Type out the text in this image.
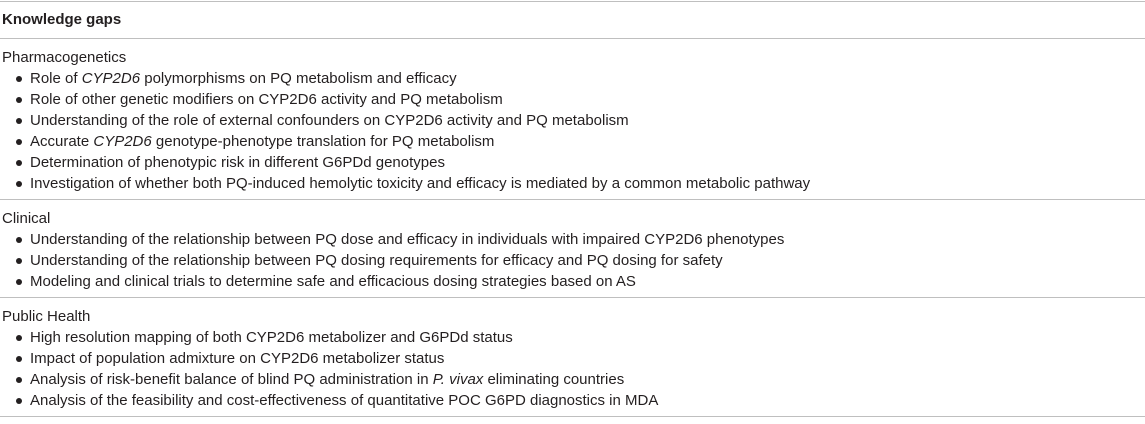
Knowledge gaps
Pharmacogenetics
Role of CYP2D6 polymorphisms on PQ metabolism and efficacy
Role of other genetic modifiers on CYP2D6 activity and PQ metabolism
Understanding of the role of external confounders on CYP2D6 activity and PQ metabolism
Accurate CYP2D6 genotype-phenotype translation for PQ metabolism
Determination of phenotypic risk in different G6PDd genotypes
Investigation of whether both PQ-induced hemolytic toxicity and efficacy is mediated by a common metabolic pathway
Clinical
Understanding of the relationship between PQ dose and efficacy in individuals with impaired CYP2D6 phenotypes
Understanding of the relationship between PQ dosing requirements for efficacy and PQ dosing for safety
Modeling and clinical trials to determine safe and efficacious dosing strategies based on AS
Public Health
High resolution mapping of both CYP2D6 metabolizer and G6PDd status
Impact of population admixture on CYP2D6 metabolizer status
Analysis of risk-benefit balance of blind PQ administration in P. vivax eliminating countries
Analysis of the feasibility and cost-effectiveness of quantitative POC G6PD diagnostics in MDA
